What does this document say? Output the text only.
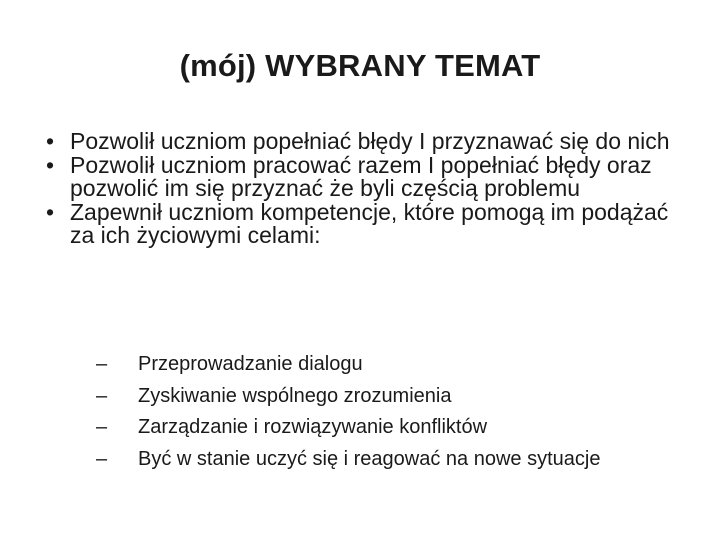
(mój) WYBRANY TEMAT
• Pozwolił uczniom popełniać błędy I przyznawać się do nich
• Pozwolił uczniom pracować razem I popełniać błędy oraz pozwolić im się przyznać że byli częścią problemu
• Zapewnił uczniom kompetencje, które pomogą im podążać za ich życiowymi celami:
–	Przeprowadzanie dialogu
–	Zyskiwanie wspólnego zrozumienia
–	Zarządzanie i rozwiązywanie konfliktów
–	Być w stanie uczyć się i reagować na nowe sytuacje
